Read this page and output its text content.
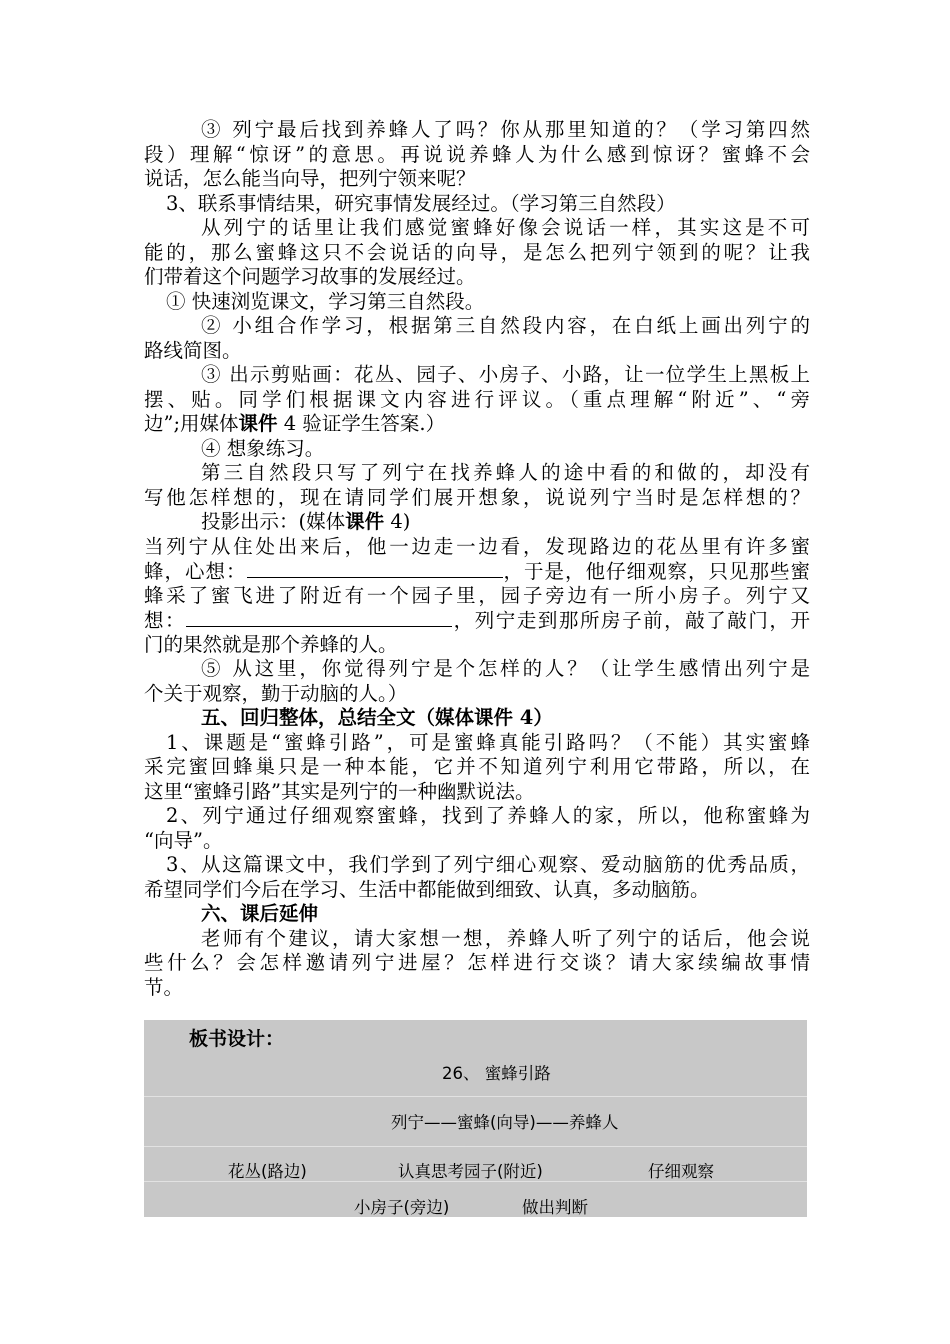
③ 列宁最后找到养蜂人了吗？你从那里知道的？（学习第四然
段）理解“惊讶”的意思。再说说养蜂人为什么感到惊讶？蜜蜂不会
说话，怎么能当向导，把列宁领来呢？
3、联系事情结果，研究事情发展经过。（学习第三自然段）
从列宁的话里让我们感觉蜜蜂好像会说话一样，其实这是不可
能的，那么蜜蜂这只不会说话的向导，是怎么把列宁领到的呢？让我
们带着这个问题学习故事的发展经过。
① 快速浏览课文，学习第三自然段。
② 小组合作学习，根据第三自然段内容，在白纸上画出列宁的
路线简图。
③ 出示剪贴画：花丛、园子、小房子、小路，让一位学生上黑板上
摆、贴。同学们根据课文内容进行评议。（重点理解“附近”、“旁
边”;用媒体课件 4 验证学生答案.）
④ 想象练习。
第三自然段只写了列宁在找养蜂人的途中看的和做的，却没有
写他怎样想的，现在请同学们展开想象，说说列宁当时是怎样想的？
投影出示：(媒体课件 4)
当列宁从住处出来后，他一边走一边看，发现路边的花丛里有许多蜜
蜂，心想：	，于是，他仔细观察，只见那些蜜
蜂采了蜜飞进了附近有一个园子里，园子旁边有一所小房子。列宁又
想：	，列宁走到那所房子前，敲了敲门，开
门的果然就是那个养蜂的人。
⑤ 从这里，你觉得列宁是个怎样的人？（让学生感情出列宁是
个关于观察，勤于动脑的人。）
五、回归整体，总结全文（媒体课件 4）
1、课题是“蜜蜂引路”，可是蜜蜂真能引路吗？（不能）其实蜜蜂
采完蜜回蜂巢只是一种本能，它并不知道列宁利用它带路，所以，在
这里“蜜蜂引路”其实是列宁的一种幽默说法。
2、列宁通过仔细观察蜜蜂，找到了养蜂人的家，所以，他称蜜蜂为
“向导”。
3、从这篇课文中，我们学到了列宁细心观察、爱动脑筋的优秀品质，
希望同学们今后在学习、生活中都能做到细致、认真，多动脑筋。
六、课后延伸
老师有个建议，请大家想一想，养蜂人听了列宁的话后，他会说
些什么？会怎样邀请列宁进屋？怎样进行交谈？请大家续编故事情
节。
板书设计：
26、 蜜蜂引路
列宁——蜜蜂(向导)——养蜂人
花丛(路边)	认真思考园子(附近)	仔细观察
小房子(旁边)	做出判断
